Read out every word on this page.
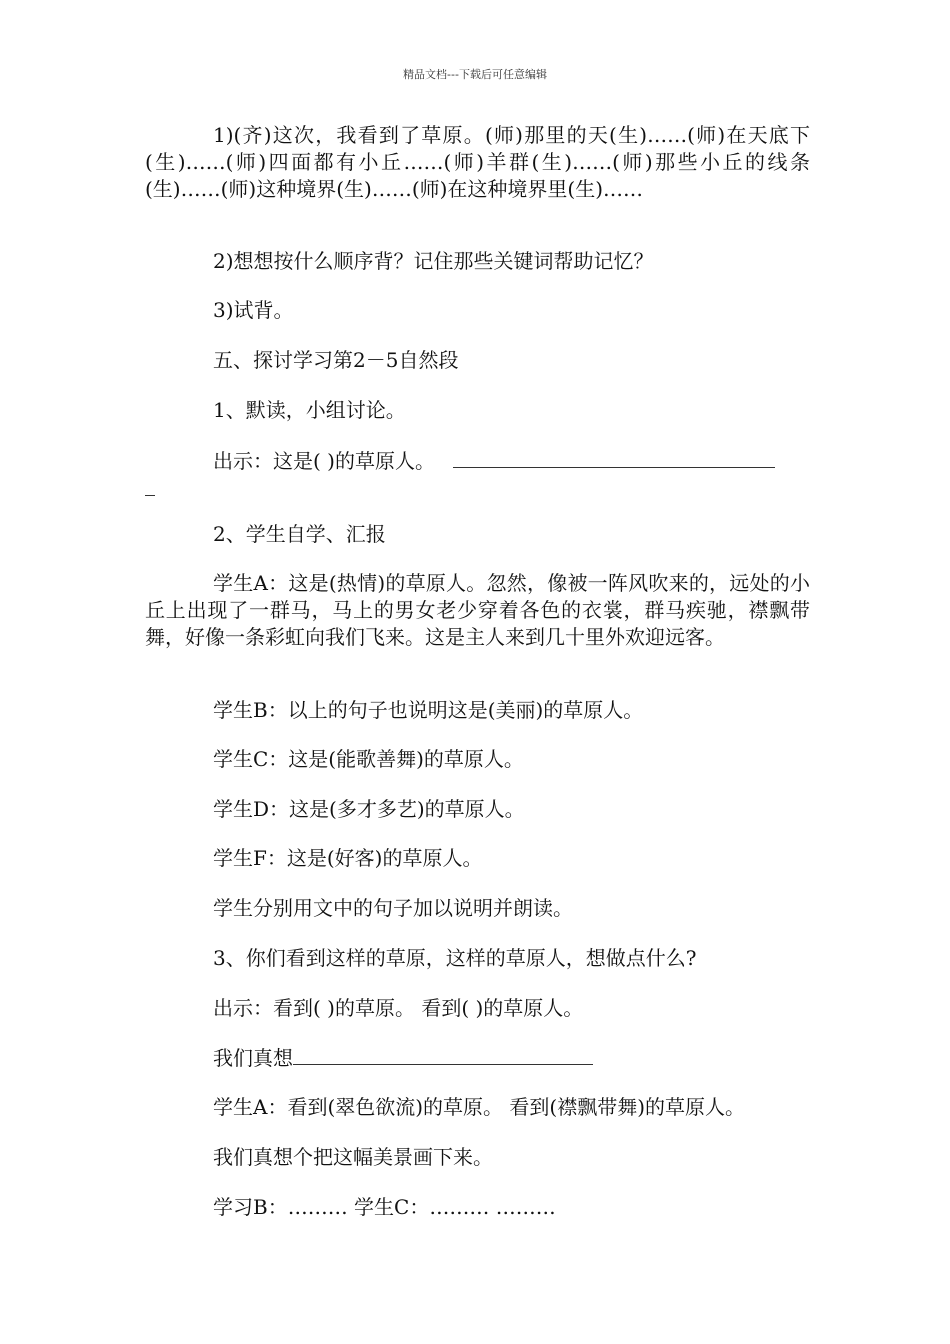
精品文档---下载后可任意编辑
1)(齐)这次，我看到了草原。(师)那里的天(生)……(师)在天底下(生)……(师)四面都有小丘……(师)羊群(生)……(师)那些小丘的线条(生)……(师)这种境界(生)……(师)在这种境界里(生)……
2)想想按什么顺序背？记住那些关键词帮助记忆？
3)试背。
五、探讨学习第2－5自然段
1、默读，小组讨论。
出示：这是( )的草原人。
2、学生自学、汇报
学生A：这是(热情)的草原人。忽然，像被一阵风吹来的，远处的小丘上出现了一群马，马上的男女老少穿着各色的衣裳，群马疾驰，襟飘带舞，好像一条彩虹向我们飞来。这是主人来到几十里外欢迎远客。
学生B：以上的句子也说明这是(美丽)的草原人。
学生C：这是(能歌善舞)的草原人。
学生D：这是(多才多艺)的草原人。
学生F：这是(好客)的草原人。
学生分别用文中的句子加以说明并朗读。
3、你们看到这样的草原，这样的草原人，想做点什么?
出示：看到( )的草原。 看到( )的草原人。
我们真想
学生A：看到(翠色欲流)的草原。 看到(襟飘带舞)的草原人。
我们真想个把这幅美景画下来。
学习B：……… 学生C：……… ………
